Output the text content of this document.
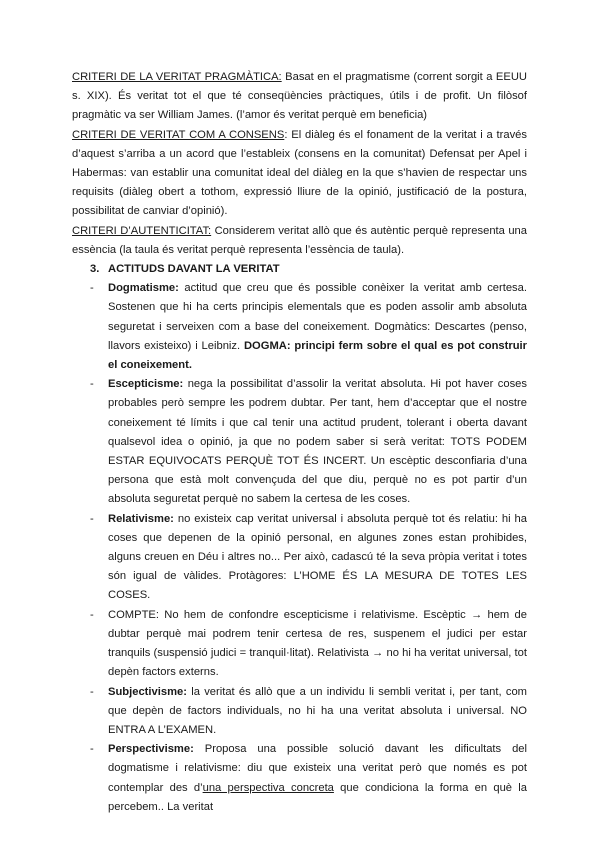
CRITERI DE LA VERITAT PRAGMÀTICA: Basat en el pragmatisme (corrent sorgit a EEUU s. XIX). És veritat tot el que té conseqüències pràctiques, útils i de profit. Un filòsof pragmàtic va ser William James. (l’amor és veritat perquè em beneficia)

CRITERI DE VERITAT COM A CONSENS: El diàleg és el fonament de la veritat i a través d’aquest s’arriba a un acord que l’estableix (consens en la comunitat) Defensat per Apel i Habermas: van establir una comunitat ideal del diàleg en la que s’havien de respectar uns requisits (diàleg obert a tothom, expressió lliure de la opinió, justificació de la postura, possibilitat de canviar d’opinió).

CRITERI D’AUTENTICITAT: Considerem veritat allò que és autèntic perquè representa una essència (la taula és veritat perquè representa l’essència de taula).

3. ACTITUDS DAVANT LA VERITAT

- Dogmatisme: actitud que creu que és possible conèixer la veritat amb certesa. Sostenen que hi ha certs principis elementals que es poden assolir amb absoluta seguretat i serveixen com a base del coneixement. Dogmàtics: Descartes (penso, llavors existeixo) i Leibniz. DOGMA: principi ferm sobre el qual es pot construir el coneixement.
- Escepticisme: nega la possibilitat d’assolir la veritat absoluta. Hi pot haver coses probables però sempre les podrem dubtar. Per tant, hem d’acceptar que el nostre coneixement té límits i que cal tenir una actitud prudent, tolerant i oberta davant qualsevol idea o opinió, ja que no podem saber si serà veritat: TOTS PODEM ESTAR EQUIVOCATS PERQUÈ TOT ÉS INCERT. Un escèptic desconfiaria d’una persona que està molt convençuda del que diu, perquè no es pot partir d’un absoluta seguretat perquè no sabem la certesa de les coses.
- Relativisme: no existeix cap veritat universal i absoluta perquè tot és relatiu: hi ha coses que depenen de la opinió personal, en algunes zones estan prohibides, alguns creuen en Déu i altres no... Per això, cadascú té la seva pròpia veritat i totes són igual de vàlides. Protàgores: L’HOME ÉS LA MESURA DE TOTES LES COSES.
- COMPTE: No hem de confondre escepticisme i relativisme. Escèptic → hem de dubtar perquè mai podrem tenir certesa de res, suspenem el judici per estar tranquils (suspensió judici = tranquil·litat). Relativista → no hi ha veritat universal, tot depèn factors externs.
- Subjectivisme: la veritat és allò que a un individu li sembli veritat i, per tant, com que depèn de factors individuals, no hi ha una veritat absoluta i universal. NO ENTRA A L’EXAMEN.
- Perspectivisme: Proposa una possible solució davant les dificultats del dogmatisme i relativisme: diu que existeix una veritat però que només es pot contemplar des d’una perspectiva concreta que condiciona la forma en què la percebem.. La veritat
